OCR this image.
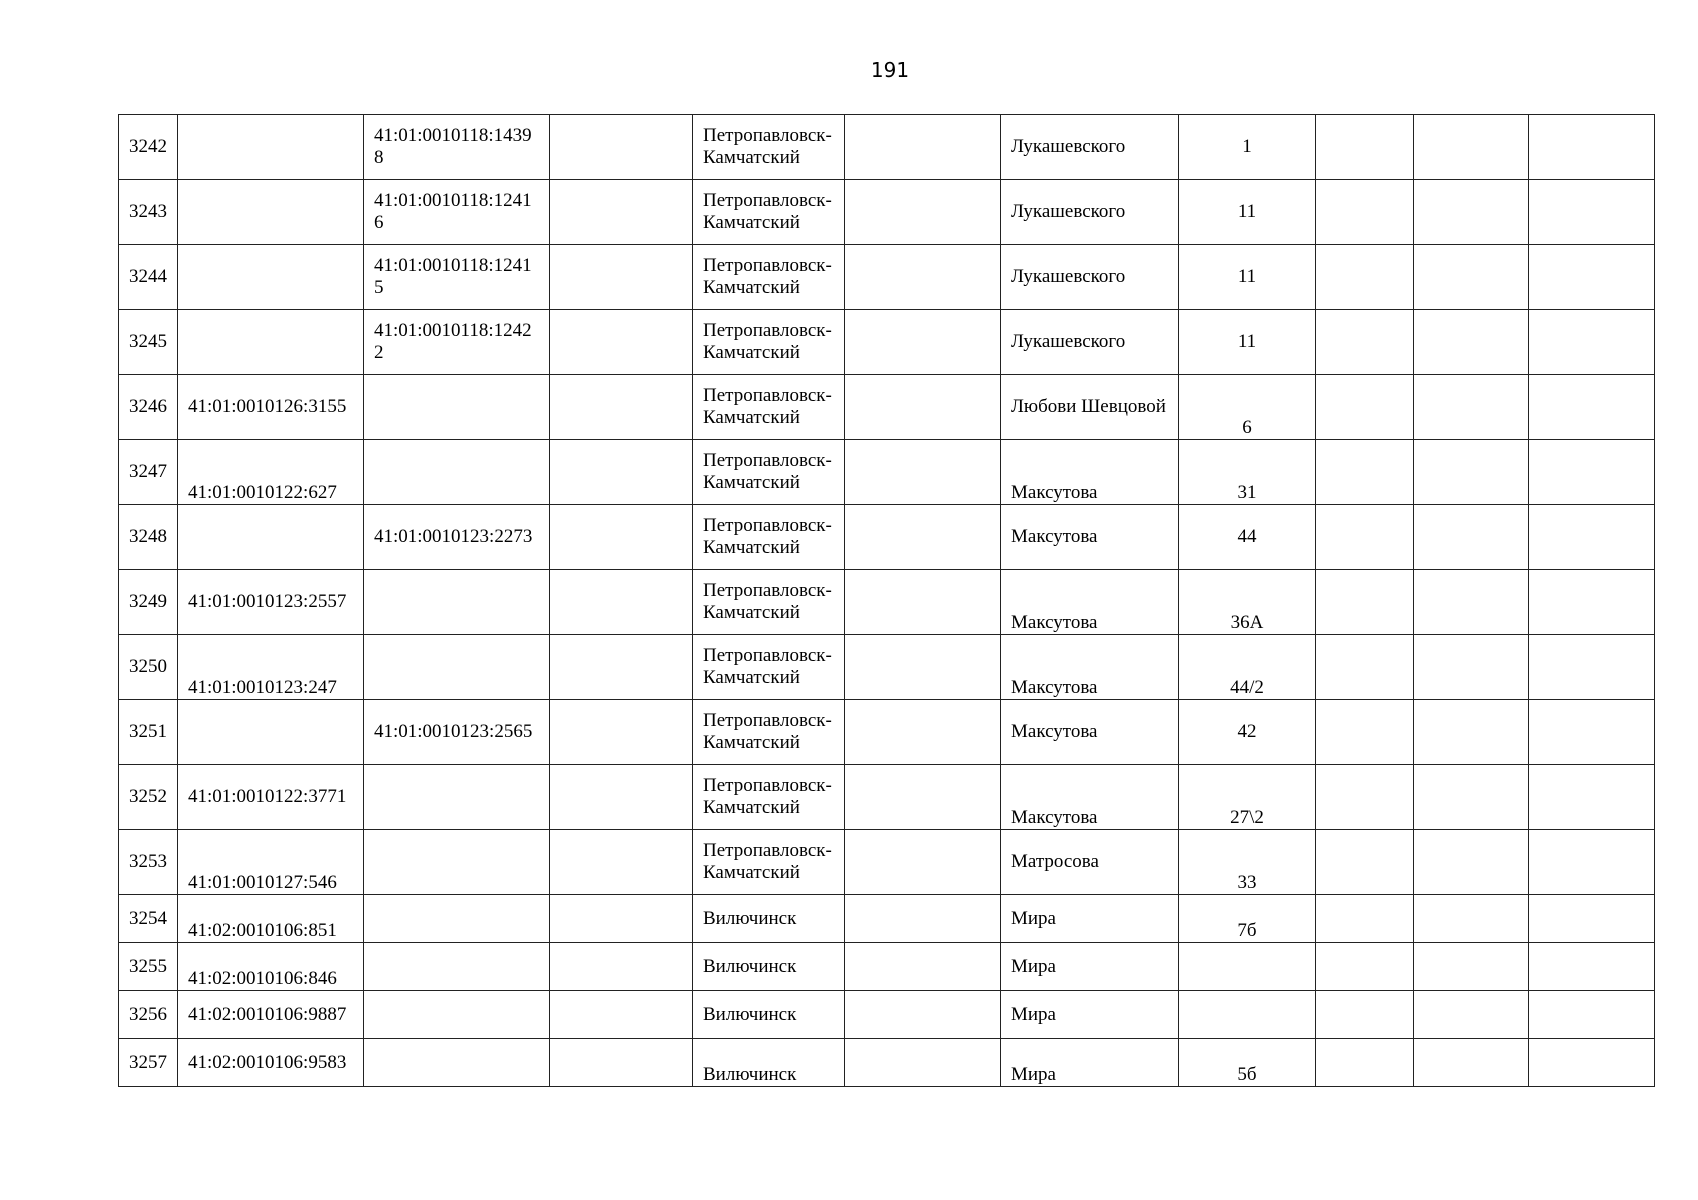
191
3242		41:01:0010118:14398		Петропавловск-Камчатский		Лукашевского	1			
3243		41:01:0010118:12416		Петропавловск-Камчатский		Лукашевского	11			
3244		41:01:0010118:12415		Петропавловск-Камчатский		Лукашевского	11			
3245		41:01:0010118:12422		Петропавловск-Камчатский		Лукашевского	11			
3246	41:01:0010126:3155			Петропавловск-Камчатский		Любови Шевцовой	6			
3247	41:01:0010122:627			Петропавловск-Камчатский		Максутова	31			
3248		41:01:0010123:2273		Петропавловск-Камчатский		Максутова	44			
3249	41:01:0010123:2557			Петропавловск-Камчатский		Максутова	36А			
3250	41:01:0010123:247			Петропавловск-Камчатский		Максутова	44/2			
3251		41:01:0010123:2565		Петропавловск-Камчатский		Максутова	42			
3252	41:01:0010122:3771			Петропавловск-Камчатский		Максутова	27\2			
3253	41:01:0010127:546			Петропавловск-Камчатский		Матросова	33			
3254	41:02:0010106:851			Вилючинск		Мира	7б			
3255	41:02:0010106:846			Вилючинск		Мира				
3256	41:02:0010106:9887			Вилючинск		Мира				
3257	41:02:0010106:9583			Вилючинск		Мира	5б			
